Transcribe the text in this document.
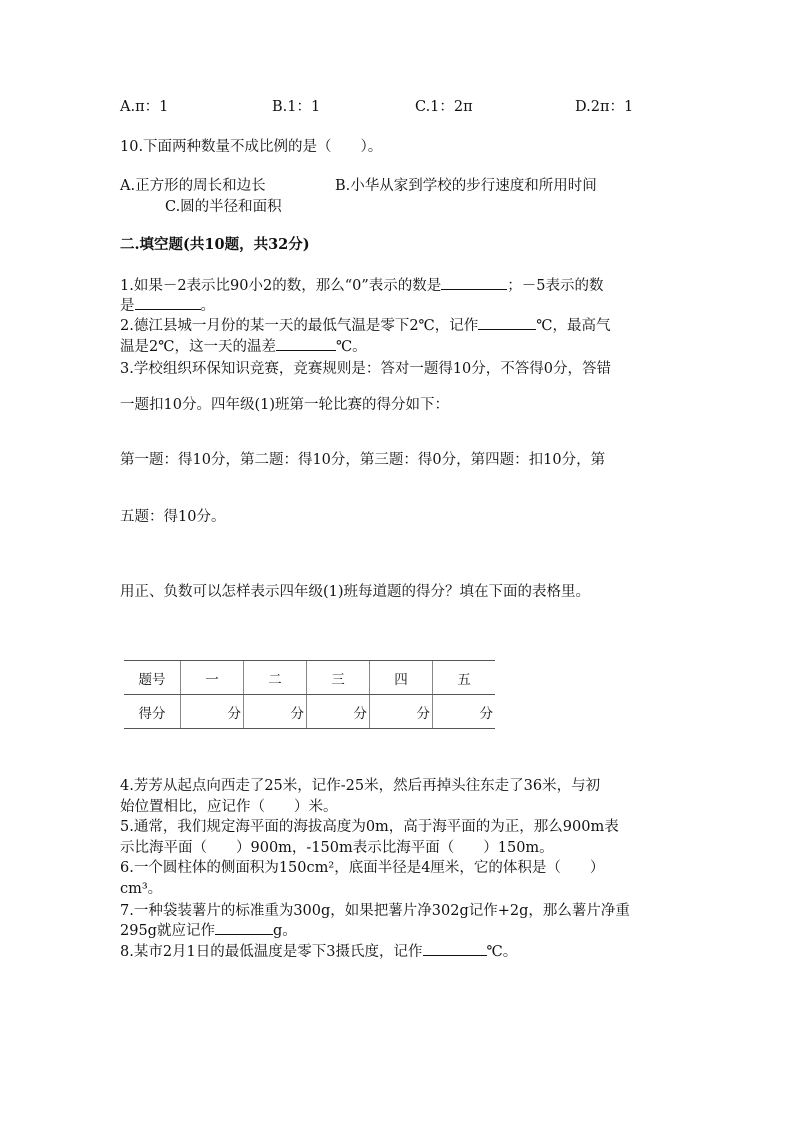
A.π：1	B.1：1	C.1：2π	D.2π：1
10.下面两种数量不成比例的是（　　）。
A.正方形的周长和边长	B.小华从家到学校的步行速度和所用时间
C.圆的半径和面积
二.填空题(共10题，共32分)
1.如果－2表示比90小2的数，那么“0”表示的数是	；－5表示的数
是	。
2.德江县城一月份的某一天的最低气温是零下2℃，记作	℃，最高气
温是2℃，这一天的温差	℃。
3.学校组织环保知识竞赛，竞赛规则是：答对一题得10分，不答得0分，答错
一题扣10分。四年级(1)班第一轮比赛的得分如下：
第一题：得10分，第二题：得10分，第三题：得0分，第四题：扣10分，第
五题：得10分。
用正、负数可以怎样表示四年级(1)班每道题的得分？填在下面的表格里。
题号	一	二	三	四	五
得分	分	分	分	分	分
4.芳芳从起点向西走了25米，记作-25米，然后再掉头往东走了36米，与初
始位置相比，应记作（　　）米。
5.通常，我们规定海平面的海拔高度为0m，高于海平面的为正，那么900m表
示比海平面（　　）900m，-150m表示比海平面（　　）150m。
6.一个圆柱体的侧面积为150cm²，底面半径是4厘米，它的体积是（　　）
cm³。
7.一种袋装薯片的标准重为300g，如果把薯片净302g记作+2g，那么薯片净重
295g就应记作	g。
8.某市2月1日的最低温度是零下3摄氏度，记作	℃。
